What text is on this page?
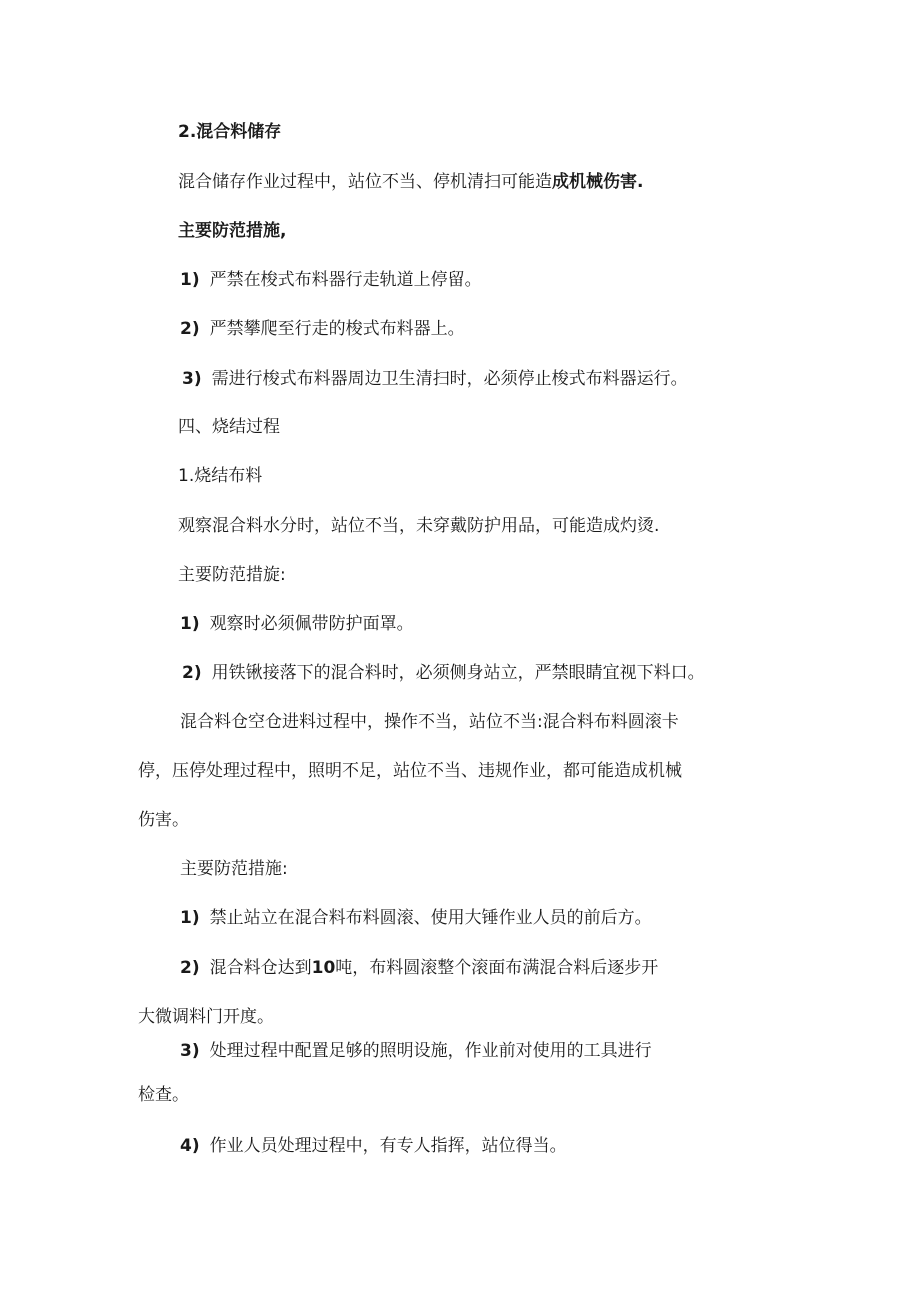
2.混合料储存
混合储存作业过程中，站位不当、停机清扫可能造成机械伤害.
主要防范措施,
1) 严禁在梭式布料器行走轨道上停留。
2) 严禁攀爬至行走的梭式布料器上。
3) 需进行梭式布料器周边卫生清扫时，必须停止梭式布料器运行。
四、烧结过程
1.烧结布料
观察混合料水分时，站位不当，未穿戴防护用品，可能造成灼烫.
主要防范措旋:
1) 观察时必须佩带防护面罩。
2) 用铁锹接落下的混合料时，必须侧身站立，严禁眼睛宜视下料口。
混合料仓空仓进料过程中，操作不当，站位不当:混合料布料圆滚卡
停，压停处理过程中，照明不足，站位不当、违规作业，都可能造成机械
伤害。
主要防范措施:
1) 禁止站立在混合料布料圆滚、使用大锤作业人员的前后方。
2) 混合料仓达到10吨，布料圆滚整个滚面布满混合料后逐步开
大微调料门开度。
3) 处理过程中配置足够的照明设施，作业前对使用的工具进行
检查。
4) 作业人员处理过程中，有专人指挥，站位得当。
